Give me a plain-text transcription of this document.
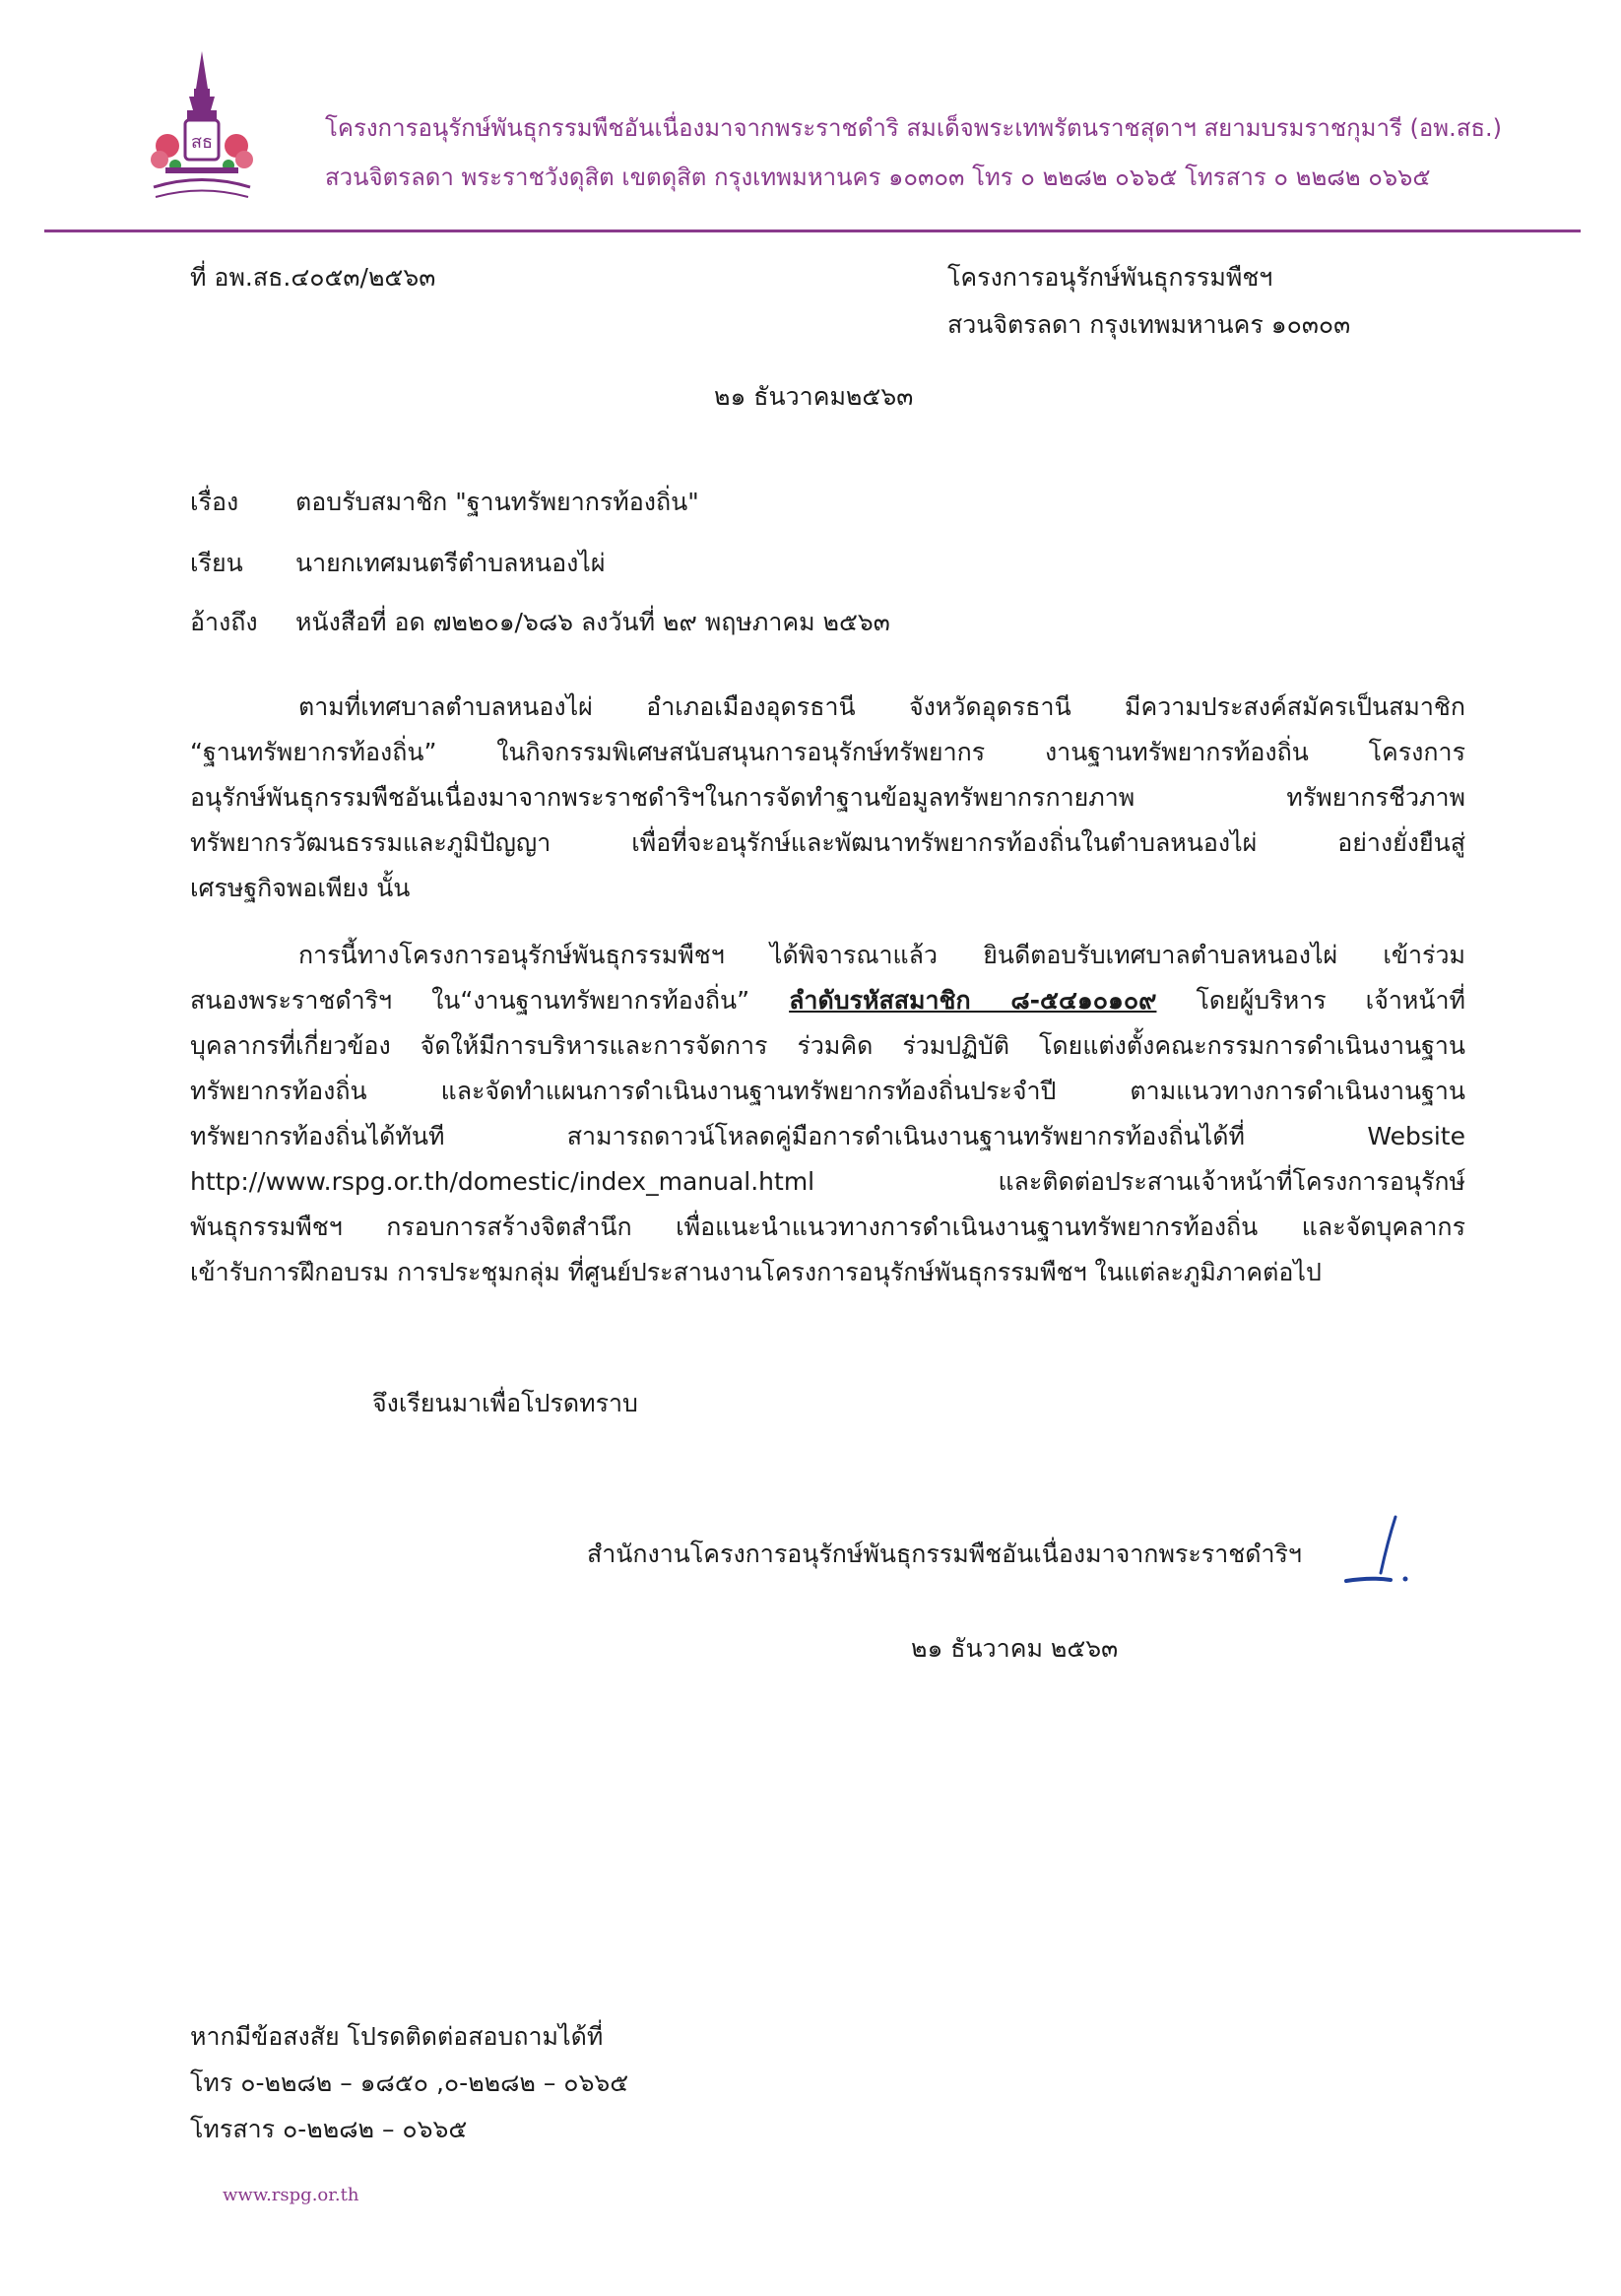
สธ
โครงการอนุรักษ์พันธุกรรมพืชอันเนื่องมาจากพระราชดำริ สมเด็จพระเทพรัตนราชสุดาฯ สยามบรมราชกุมารี (อพ.สธ.)
สวนจิตรลดา พระราชวังดุสิต เขตดุสิต กรุงเทพมหานคร ๑๐๓๐๓ โทร ๐ ๒๒๘๒ ๐๖๖๕ โทรสาร ๐ ๒๒๘๒ ๐๖๖๕
ที่ อพ.สธ.๔๐๕๓/๒๕๖๓	โครงการอนุรักษ์พันธุกรรมพืชฯ
สวนจิตรลดา กรุงเทพมหานคร ๑๐๓๐๓
๒๑ ธันวาคม๒๕๖๓
เรื่อง ตอบรับสมาชิก "ฐานทรัพยากรท้องถิ่น"
เรียน นายกเทศมนตรีตำบลหนองไผ่
อ้างถึง หนังสือที่ อด ๗๒๒๐๑/๖๘๖ ลงวันที่ ๒๙ พฤษภาคม ๒๕๖๓
ตามที่เทศบาลตำบลหนองไผ่ อำเภอเมืองอุดรธานี จังหวัดอุดรธานี มีความประสงค์สมัครเป็นสมาชิก
“ฐานทรัพยากรท้องถิ่น” ในกิจกรรมพิเศษสนับสนุนการอนุรักษ์ทรัพยากร งานฐานทรัพยากรท้องถิ่น โครงการ
อนุรักษ์พันธุกรรมพืชอันเนื่องมาจากพระราชดำริฯในการจัดทำฐานข้อมูลทรัพยากรกายภาพ ทรัพยากรชีวภาพ
ทรัพยากรวัฒนธรรมและภูมิปัญญา เพื่อที่จะอนุรักษ์และพัฒนาทรัพยากรท้องถิ่นในตำบลหนองไผ่ อย่างยั่งยืนสู่
เศรษฐกิจพอเพียง นั้น
การนี้ทางโครงการอนุรักษ์พันธุกรรมพืชฯ ได้พิจารณาแล้ว ยินดีตอบรับเทศบาลตำบลหนองไผ่ เข้าร่วม
สนองพระราชดำริฯ ใน“งานฐานทรัพยากรท้องถิ่น” ลำดับรหัสสมาชิก ๘-๕๔๑๐๑๐๙ โดยผู้บริหาร เจ้าหน้าที่
บุคลากรที่เกี่ยวข้อง จัดให้มีการบริหารและการจัดการ ร่วมคิด ร่วมปฏิบัติ โดยแต่งตั้งคณะกรรมการดำเนินงานฐาน
ทรัพยากรท้องถิ่น และจัดทำแผนการดำเนินงานฐานทรัพยากรท้องถิ่นประจำปี ตามแนวทางการดำเนินงานฐาน
ทรัพยากรท้องถิ่นได้ทันที สามารถดาวน์โหลดคู่มือการดำเนินงานฐานทรัพยากรท้องถิ่นได้ที่ Website
http://www.rspg.or.th/domestic/index_manual.html และติดต่อประสานเจ้าหน้าที่โครงการอนุรักษ์
พันธุกรรมพืชฯ กรอบการสร้างจิตสำนึก เพื่อแนะนำแนวทางการดำเนินงานฐานทรัพยากรท้องถิ่น และจัดบุคลากร
เข้ารับการฝึกอบรม การประชุมกลุ่ม ที่ศูนย์ประสานงานโครงการอนุรักษ์พันธุกรรมพืชฯ ในแต่ละภูมิภาคต่อไป
จึงเรียนมาเพื่อโปรดทราบ
สำนักงานโครงการอนุรักษ์พันธุกรรมพืชอันเนื่องมาจากพระราชดำริฯ
๒๑ ธันวาคม ๒๕๖๓
หากมีข้อสงสัย โปรดติดต่อสอบถามได้ที่
โทร ๐-๒๒๘๒ – ๑๘๕๐ ,๐-๒๒๘๒ – ๐๖๖๕
โทรสาร ๐-๒๒๘๒ – ๐๖๖๕
www.rspg.or.th
